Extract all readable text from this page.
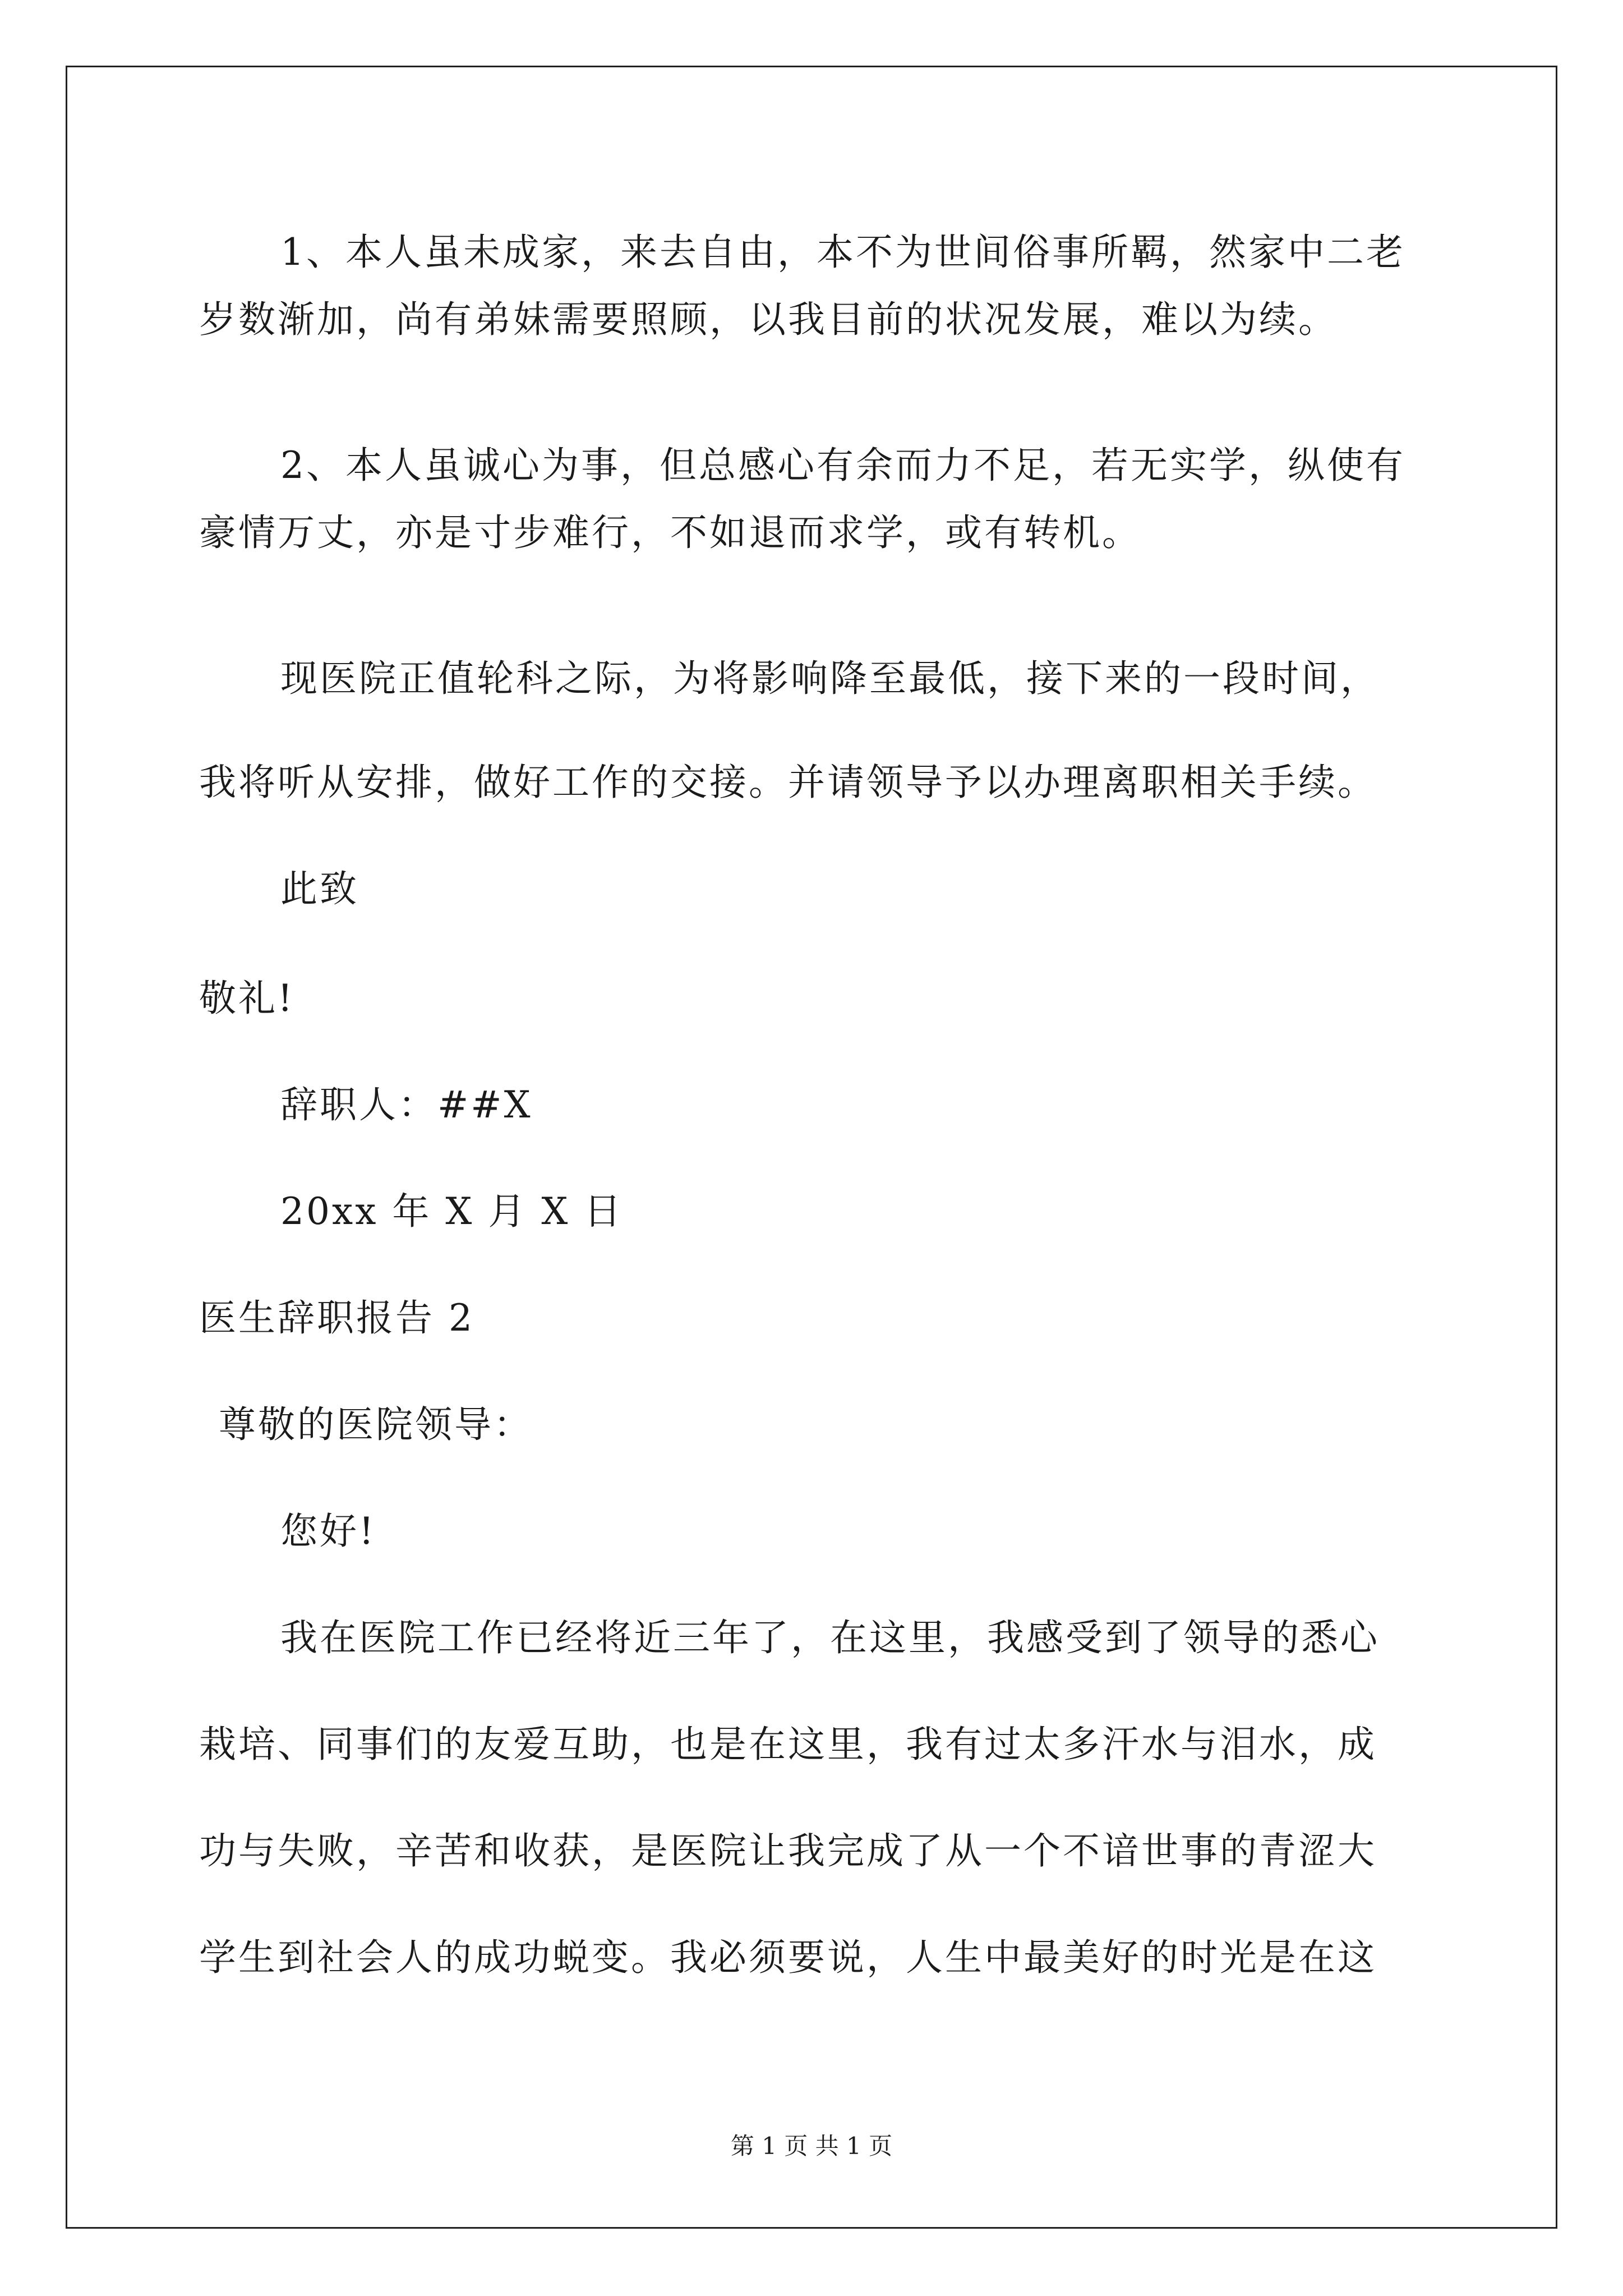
1、本人虽未成家，来去自由，本不为世间俗事所羁，然家中二老
岁数渐加，尚有弟妹需要照顾，以我目前的状况发展，难以为续。
2、本人虽诚心为事，但总感心有余而力不足，若无实学，纵使有
豪情万丈，亦是寸步难行，不如退而求学，或有转机。
现医院正值轮科之际，为将影响降至最低，接下来的一段时间，
我将听从安排，做好工作的交接。并请领导予以办理离职相关手续。
此致
敬礼!
辞职人：##X
20xx 年 X 月 X 日
医生辞职报告 2
尊敬的医院领导：
您好!
我在医院工作已经将近三年了，在这里，我感受到了领导的悉心
栽培、同事们的友爱互助，也是在这里，我有过太多汗水与泪水，成
功与失败，辛苦和收获，是医院让我完成了从一个不谙世事的青涩大
学生到社会人的成功蜕变。我必须要说，人生中最美好的时光是在这
第 1 页 共 1 页
